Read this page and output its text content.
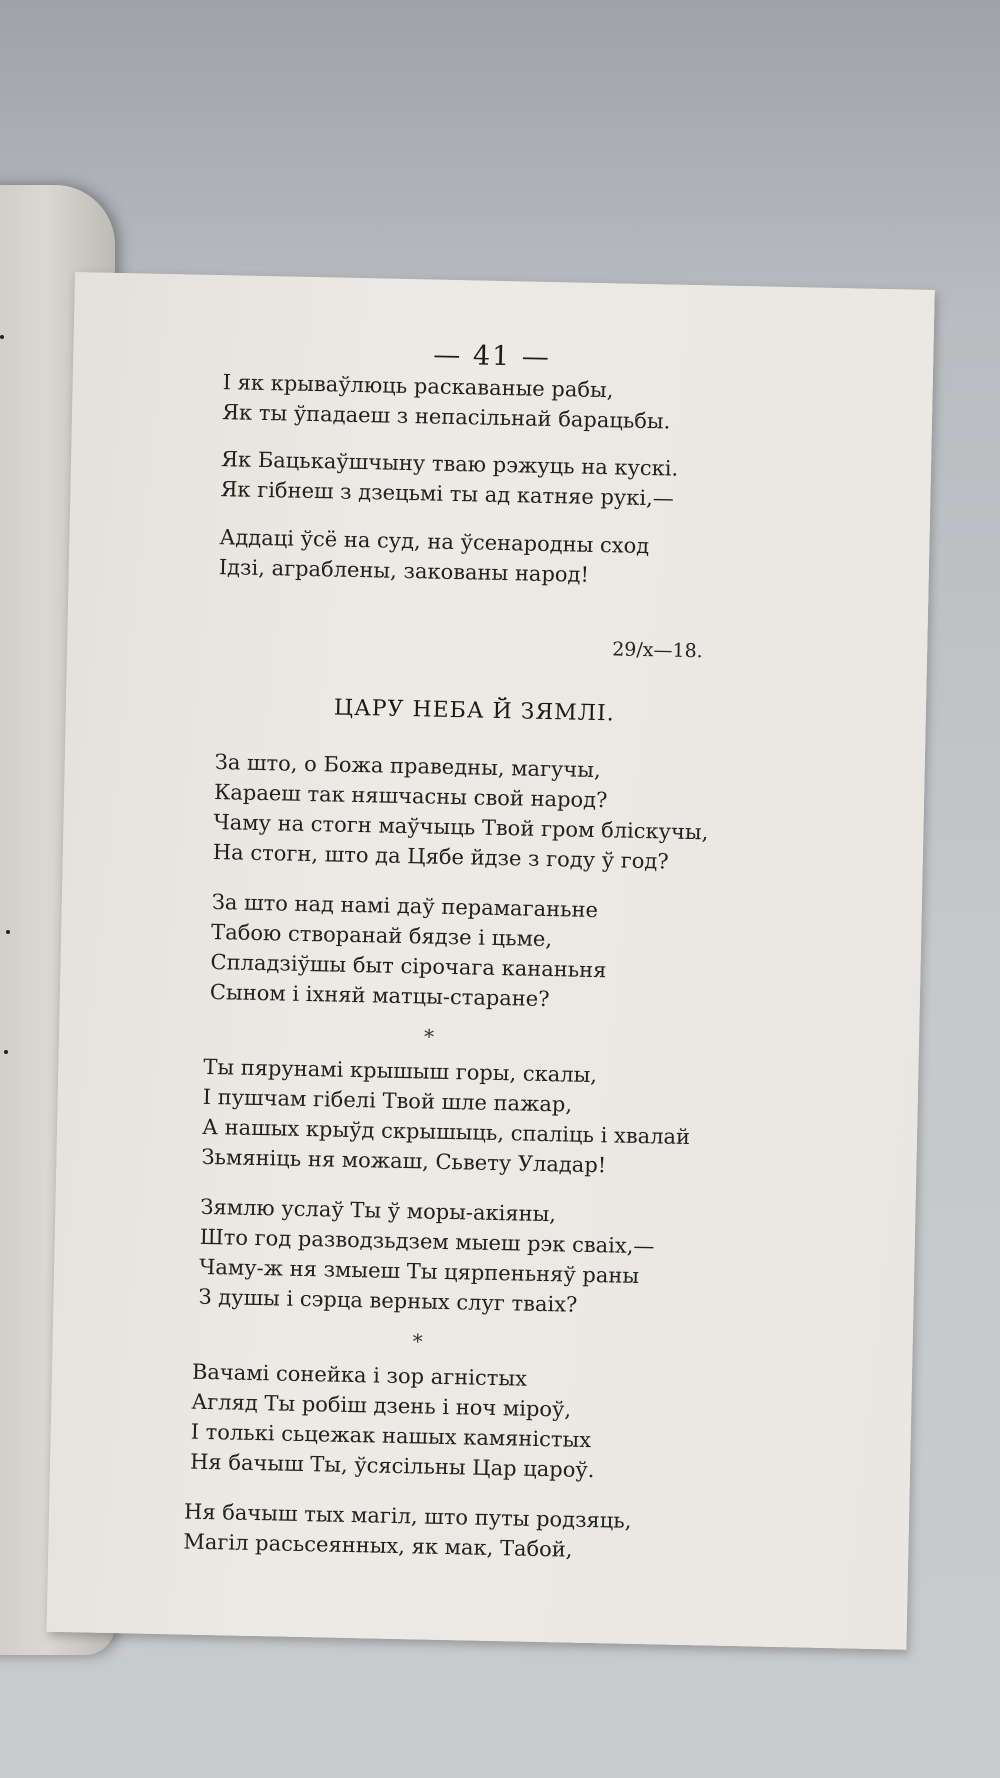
— 41 —
І як крываўлюць раскаваные рабы,
Як ты ўпадаеш з непасільнай барацьбы.
Як Бацькаўшчыну тваю рэжуць на кускі.
Як гібнеш з дзецьмі ты ад катняе рукі,—
Аддаці ўсё на суд, на ўсенародны сход
Ідзі, аграблены, закованы народ!
29/x—18.
ЦАРУ НЕБА Й ЗЯМЛІ.
За што, о Божа праведны, магучы,
Караеш так няшчасны свой народ?
Чаму на стогн маўчыць Твой гром бліскучы,
На стогн, што да Цябе йдзе з году ў год?
За што над намі даў перамаганьне
Табою створанай бядзе і цьме,
Спладзіўшы быт сірочага кананьня
Сыном і іхняй матцы-старане?
*
Ты пярунамі крышыш горы, скалы,
І пушчам гібелі Твой шле пажар,
А нашых крыўд скрышыць, спаліць і хвалай
Зьмяніць ня можаш, Сьвету Уладар!
Зямлю услаў Ты ў моры-акіяны,
Што год разводзьдзем мыеш рэк сваіх,—
Чаму-ж ня змыеш Ты цярпеньняў раны
З душы і сэрца верных слуг тваіх?
*
Вачамі сонейка і зор агністых
Агляд Ты робіш дзень і ноч міроў,
І толькі сьцежак нашых камяністых
Ня бачыш Ты, ўсясільны Цар цароў.
Ня бачыш тых магіл, што путы родзяць,
Магіл расьсеянных, як мак, Табой,
